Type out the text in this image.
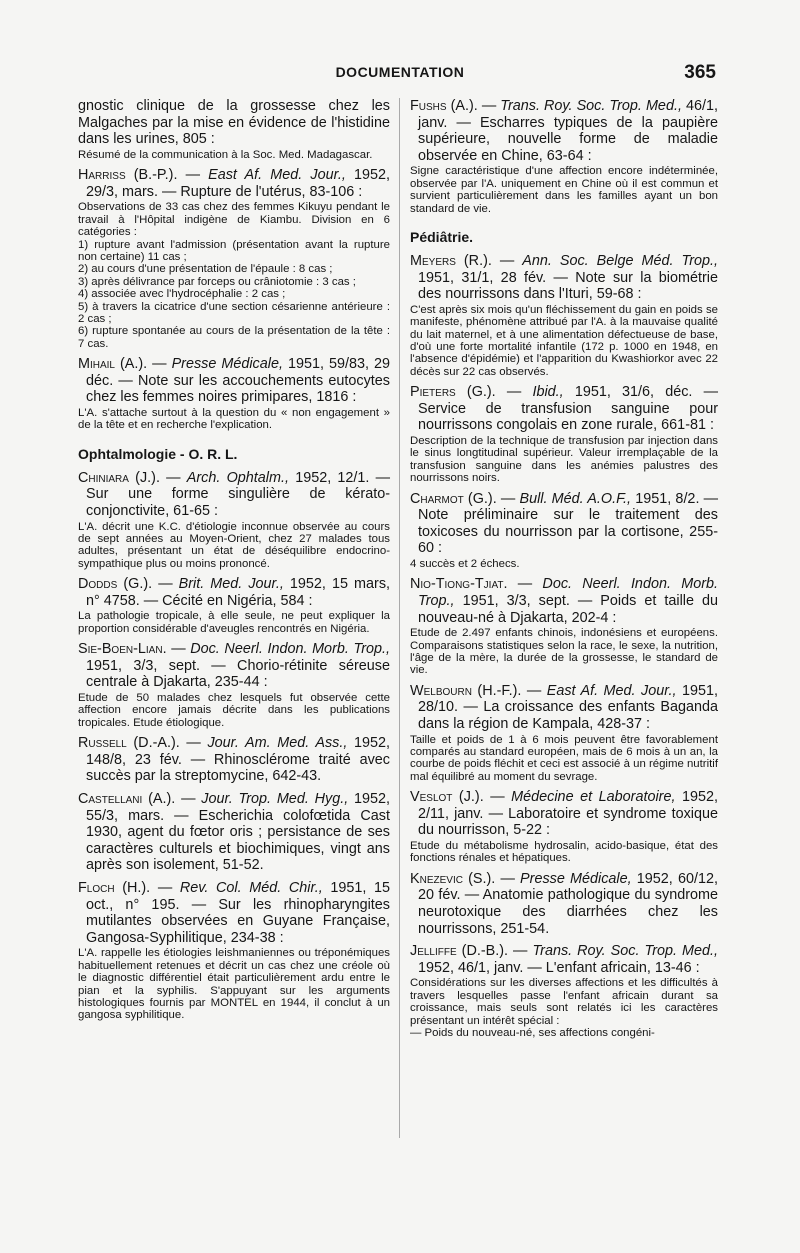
DOCUMENTATION	365
gnostic clinique de la grossesse chez les Malgaches par la mise en évidence de l'histidine dans les urines, 805 :

Résumé de la communication à la Soc. Med. Madagascar.

Harriss (B.-P.). — East Af. Med. Jour., 1952, 29/3, mars. — Rupture de l'utérus, 83-106 :

Observations de 33 cas chez des femmes Kikuyu pendant le travail à l'Hôpital indigène de Kiambu. Division en 6 catégories :

1) rupture avant l'admission (présentation avant la rupture non certaine) 11 cas ;

2) au cours d'une présentation de l'épaule : 8 cas ;

3) après délivrance par forceps ou crâniotomie : 3 cas ;

4) associée avec l'hydrocéphalie : 2 cas ;

5) à travers la cicatrice d'une section césarienne antérieure : 2 cas ;

6) rupture spontanée au cours de la présentation de la tête : 7 cas.

Mihail (A.). — Presse Médicale, 1951, 59/83, 29 déc. — Note sur les accouchements eutocytes chez les femmes noires primipares, 1816 :

L'A. s'attache surtout à la question du « non engagement » de la tête et en recherche l'explication.

Ophtalmologie - O. R. L.
Chiniara (J.). — Arch. Ophtalm., 1952, 12/1. — Sur une forme singulière de kérato-conjonctivite, 61-65 :

L'A. décrit une K.C. d'étiologie inconnue observée au cours de sept années au Moyen-Orient, chez 27 malades tous adultes, présentant un état de déséquilibre endocrino-sympathique plus ou moins prononcé.

Dodds (G.). — Brit. Med. Jour., 1952, 15 mars, n° 4758. — Cécité en Nigéria, 584 :

La pathologie tropicale, à elle seule, ne peut expliquer la proportion considérable d'aveugles rencontrés en Nigéria.

Sie-Boen-Lian. — Doc. Neerl. Indon. Morb. Trop., 1951, 3/3, sept. — Chorio-rétinite séreuse centrale à Djakarta, 235-44 :

Etude de 50 malades chez lesquels fut observée cette affection encore jamais décrite dans les publications tropicales. Etude étiologique.

Russell (D.-A.). — Jour. Am. Med. Ass., 1952, 148/8, 23 fév. — Rhinosclérome traité avec succès par la streptomycine, 642-43.
Castellani (A.). — Jour. Trop. Med. Hyg., 1952, 55/3, mars. — Escherichia colofœtida Cast 1930, agent du fœtor oris ; persistance de ses caractères culturels et biochimiques, vingt ans après son isolement, 51-52.
Floch (H.). — Rev. Col. Méd. Chir., 1951, 15 oct., n° 195. — Sur les rhinopharyngites mutilantes observées en Guyane Française, Gangosa-Syphilitique, 234-38 :

L'A. rappelle les étiologies leishmaniennes ou tréponémiques habituellement retenues et décrit un cas chez une créole où le diagnostic différentiel était particulièrement ardu entre le pian et la syphilis. S'appuyant sur les arguments histologiques fournis par MONTEL en 1944, il conclut à un gangosa syphilitique.

Fushs (A.). — Trans. Roy. Soc. Trop. Med., 46/1, janv. — Escharres typiques de la paupière supérieure, nouvelle forme de maladie observée en Chine, 63-64 :

Signe caractéristique d'une affection encore indéterminée, observée par l'A. uniquement en Chine où il est commun et survient particulièrement dans les familles ayant un bon standard de vie.

Pédiâtrie.
Meyers (R.). — Ann. Soc. Belge Méd. Trop., 1951, 31/1, 28 fév. — Note sur la biométrie des nourrissons dans l'Ituri, 59-68 :

C'est après six mois qu'un fléchissement du gain en poids se manifeste, phénomène attribué par l'A. à la mauvaise qualité du lait maternel, et à une alimentation défectueuse de base, d'où une forte mortalité infantile (172 p. 1000 en 1948, en l'absence d'épidémie) et l'apparition du Kwashiorkor avec 22 décès sur 22 cas observés.

Pieters (G.). — Ibid., 1951, 31/6, déc. — Service de transfusion sanguine pour nourrissons congolais en zone rurale, 661-81 :

Description de la technique de transfusion par injection dans le sinus longtitudinal supérieur. Valeur irremplaçable de la transfusion sanguine dans les anémies palustres des nourrissons noirs.

Charmot (G.). — Bull. Méd. A.O.F., 1951, 8/2. — Note préliminaire sur le traitement des toxicoses du nourrisson par la cortisone, 255-60 :

4 succès et 2 échecs.

Nio-Tiong-Tjiat. — Doc. Neerl. Indon. Morb. Trop., 1951, 3/3, sept. — Poids et taille du nouveau-né à Djakarta, 202-4 :

Etude de 2.497 enfants chinois, indonésiens et européens. Comparaisons statistiques selon la race, le sexe, la nutrition, l'âge de la mère, la durée de la grossesse, le standard de vie.

Welbourn (H.-F.). — East Af. Med. Jour., 1951, 28/10. — La croissance des enfants Baganda dans la région de Kampala, 428-37 :

Taille et poids de 1 à 6 mois peuvent être favorablement comparés au standard européen, mais de 6 mois à un an, la courbe de poids fléchit et ceci est associé à un régime nutritif mal équilibré au moment du sevrage.

Veslot (J.). — Médecine et Laboratoire, 1952, 2/11, janv. — Laboratoire et syndrome toxique du nourrisson, 5-22 :

Etude du métabolisme hydrosalin, acido-basique, état des fonctions rénales et hépatiques.

Knezevic (S.). — Presse Médicale, 1952, 60/12, 20 fév. — Anatomie pathologique du syndrome neurotoxique des diarrhées chez les nourrissons, 251-54.
Jelliffe (D.-B.). — Trans. Roy. Soc. Trop. Med., 1952, 46/1, janv. — L'enfant africain, 13-46 :

Considérations sur les diverses affections et les difficultés à travers lesquelles passe l'enfant africain durant sa croissance, mais seuls sont relatés ici les caractères présentant un intérêt spécial :

— Poids du nouveau-né, ses affections congéni-
